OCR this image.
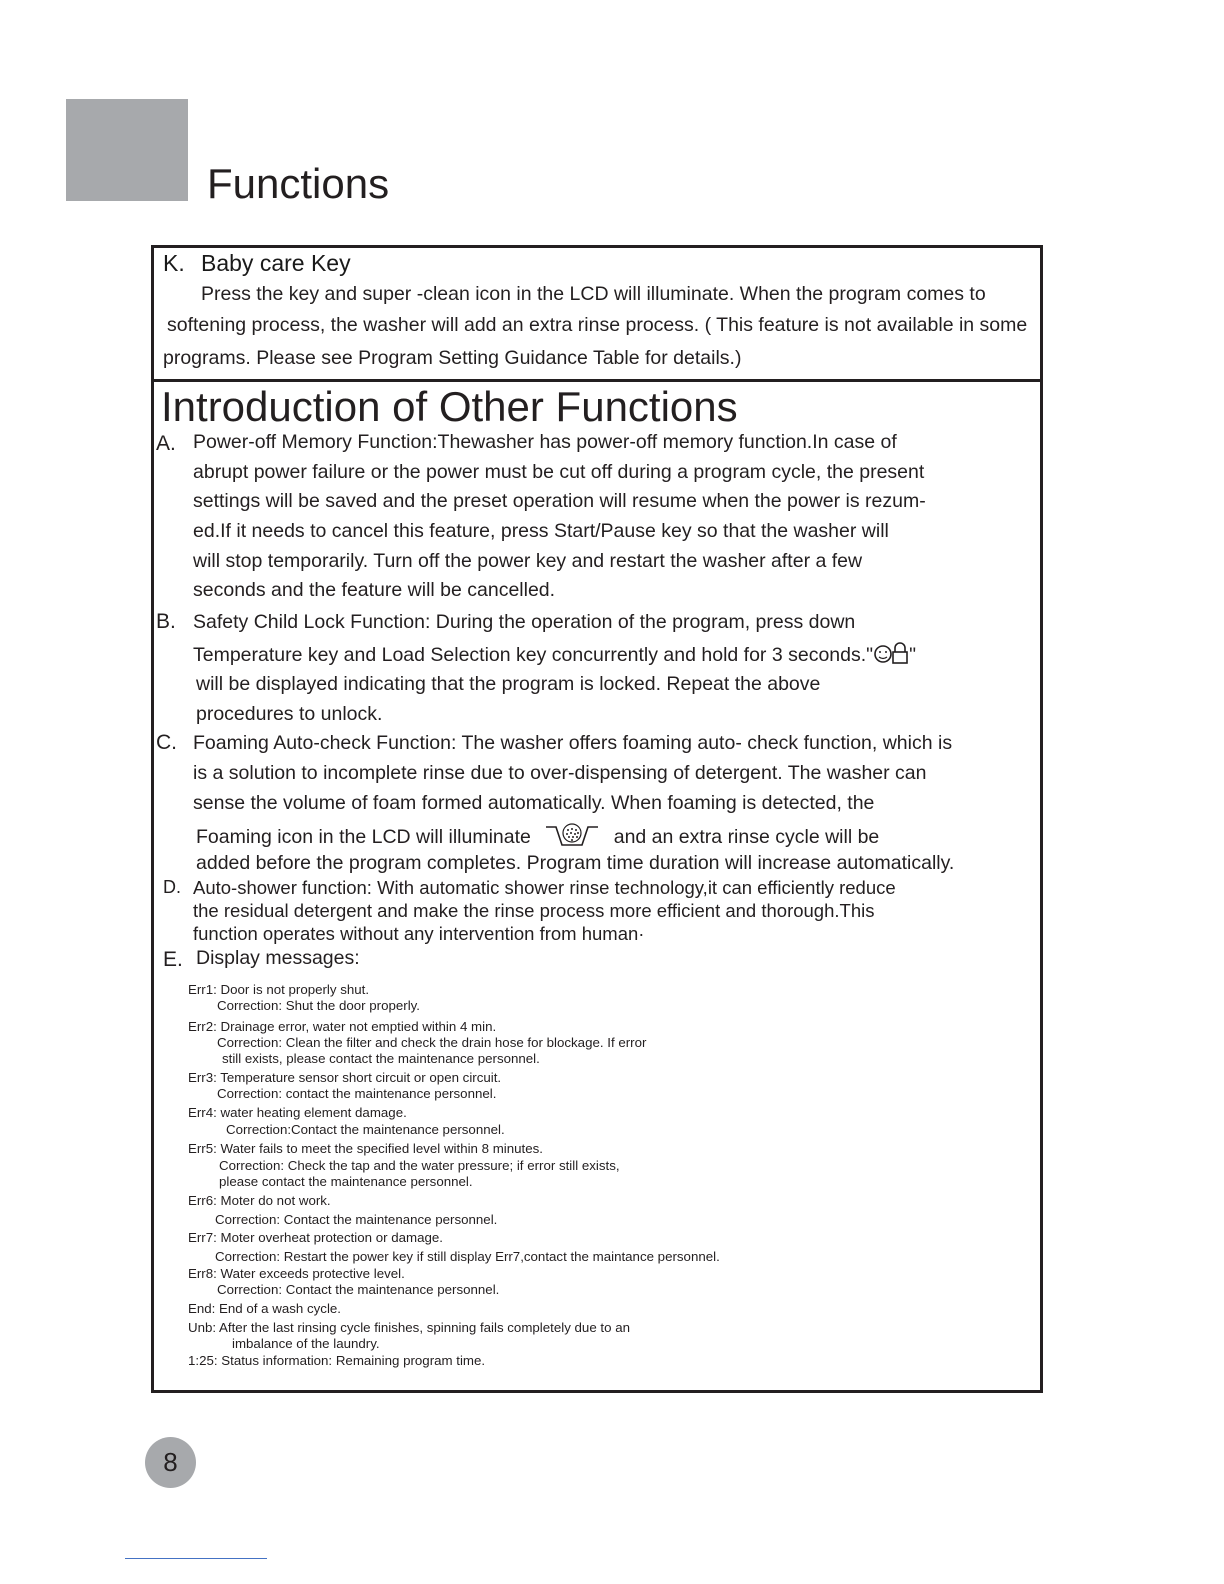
Functions
K. Baby care Key
Press the key and super -clean icon in the LCD will illuminate. When the program comes to
softening process, the washer will add an extra rinse process. ( This feature is not available in some
programs. Please see Program Setting Guidance Table for details.)
Introduction of Other Functions
A. Power-off Memory Function:Thewasher has power-off memory function.In case of
abrupt power failure or the power must be cut off during a program cycle, the present
settings will be saved and the preset operation will resume when the power is rezum-
ed.If it needs to cancel this feature, press Start/Pause key so that the washer will
will stop temporarily. Turn off the power key and restart the washer after a few
seconds and the feature will be cancelled.
B. Safety Child Lock Function: During the operation of the program, press down
Temperature key and Load Selection key concurrently and hold for 3 seconds." "
will be displayed indicating that the program is locked. Repeat the above
procedures to unlock.
C. Foaming Auto-check Function: The washer offers foaming auto- check function, which is
is a solution to incomplete rinse due to over-dispensing of detergent. The washer can
sense the volume of foam formed automatically. When foaming is detected, the
Foaming icon in the LCD will illuminate	and an extra rinse cycle will be
added before the program completes. Program time duration will increase automatically.
D. Auto-shower function: With automatic shower rinse technology,it can efficiently reduce
the residual detergent and make the rinse process more efficient and thorough.This
function operates without any intervention from human·
E. Display messages:
Err1: Door is not properly shut.
Correction: Shut the door properly.
Err2: Drainage error, water not emptied within 4 min.
Correction: Clean the filter and check the drain hose for blockage. If error
still exists, please contact the maintenance personnel.
Err3: Temperature sensor short circuit or open circuit.
Correction: contact the maintenance personnel.
Err4: water heating element damage.
Correction:Contact the maintenance personnel.
Err5: Water fails to meet the specified level within 8 minutes.
Correction: Check the tap and the water pressure; if error still exists,
please contact the maintenance personnel.
Err6: Moter do not work.
Correction: Contact the maintenance personnel.
Err7: Moter overheat protection or damage.
Correction: Restart the power key if still display Err7,contact the maintance personnel.
Err8: Water exceeds protective level.
Correction: Contact the maintenance personnel.
End: End of a wash cycle.
Unb: After the last rinsing cycle finishes, spinning fails completely due to an
imbalance of the laundry.
1:25: Status information: Remaining program time.
8
